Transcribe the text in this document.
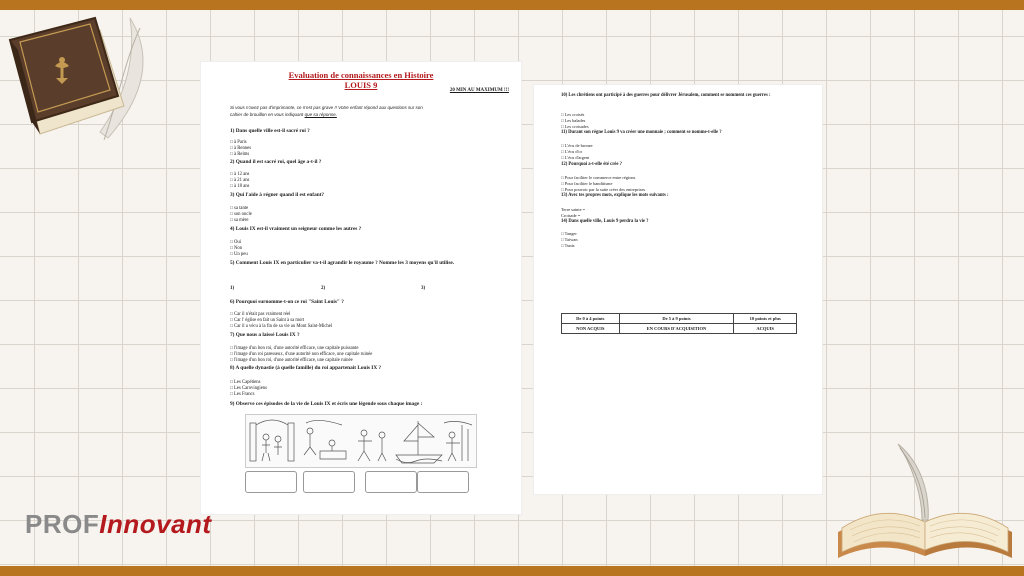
Evaluation de connaissances en Histoire
LOUIS 9
20 MIN AU MAXIMUM !!!
Si vous n'avez pas d'imprimante, ce n'est pas grave !! Votre enfant répond aux questions sur son
cahier de brouillon en vous indiquant que sa réponse.
1) Dans quelle ville est-il sacré roi ?
□ à Paris
□ à Rennes
□ à Reims
2) Quand il est sacré roi, quel âge a-t-il ?
□ à 12 ans
□ à 21 ans
□ à 18 ans
3) Qui l'aide à régner quand il est enfant?
□ sa tante
□ son oncle
□ sa mère
4) Louis IX est-il vraiment un seigneur comme les autres ?
□ Oui
□ Non
□ Un peu
5) Comment Louis IX en particulier va-t-il agrandir le royaume ? Nomme les 3 moyens qu'il utilise.
1)	2)	3)
6) Pourquoi surnomme-t-on ce roi "Saint Louis" ?
□ Car il n'était pas vraiment réel
□ Car l' église en fait un Saint à sa mort
□ Car il a vécu à la fin de sa vie au Mont Saint-Michel
7) Que nous a laissé Louis IX ?
□ l'image d'un bon roi, d'une autorité efficace, une capitale puissante
□ l'image d'un roi paresseux, d'une autorité non efficace, une capitale ruinée
□ l'image d'un bon roi, d'une autorité efficace, une capitale ruinée
8) A quelle dynastie (à quelle famille) du roi appartenait Louis IX ?
□ Les Capétiens
□ Les Carovingiens
□ Les Francs
9) Observe ces épisodes de la vie de Louis IX et écris une légende sous chaque image :
10) Les chrétiens ont participé à des guerres pour délivrer Jérusalem, comment se nomment ces guerres :
□ Les croisés
□ Les balades
□ Les croisades
11) Durant son règne Louis 9 va créer une monnaie ; comment se nomme-t-elle ?
□ L'écu de bronze
□ L'écu d'or
□ L'écu d'argent
12) Pourquoi a-t-elle été crée ?
□ Pour faciliter le commerce entre régions
□ Pour faciliter le banditisme
□ Pour pouvoir par la suite créer des entreprises
13) Avec tes propres mots, explique les mots suivants :
Terre sainte =
Croisade =
14) Dans quelle ville, Louis 9 perdra la vie ?
□ Tanger
□ Taïwan
□ Tunis
De 0 à 4 points	De 5 à 9 points	10 points et plus
NON ACQUIS	EN COURS D'ACQUISITION	ACQUIS
PROFInnovant
